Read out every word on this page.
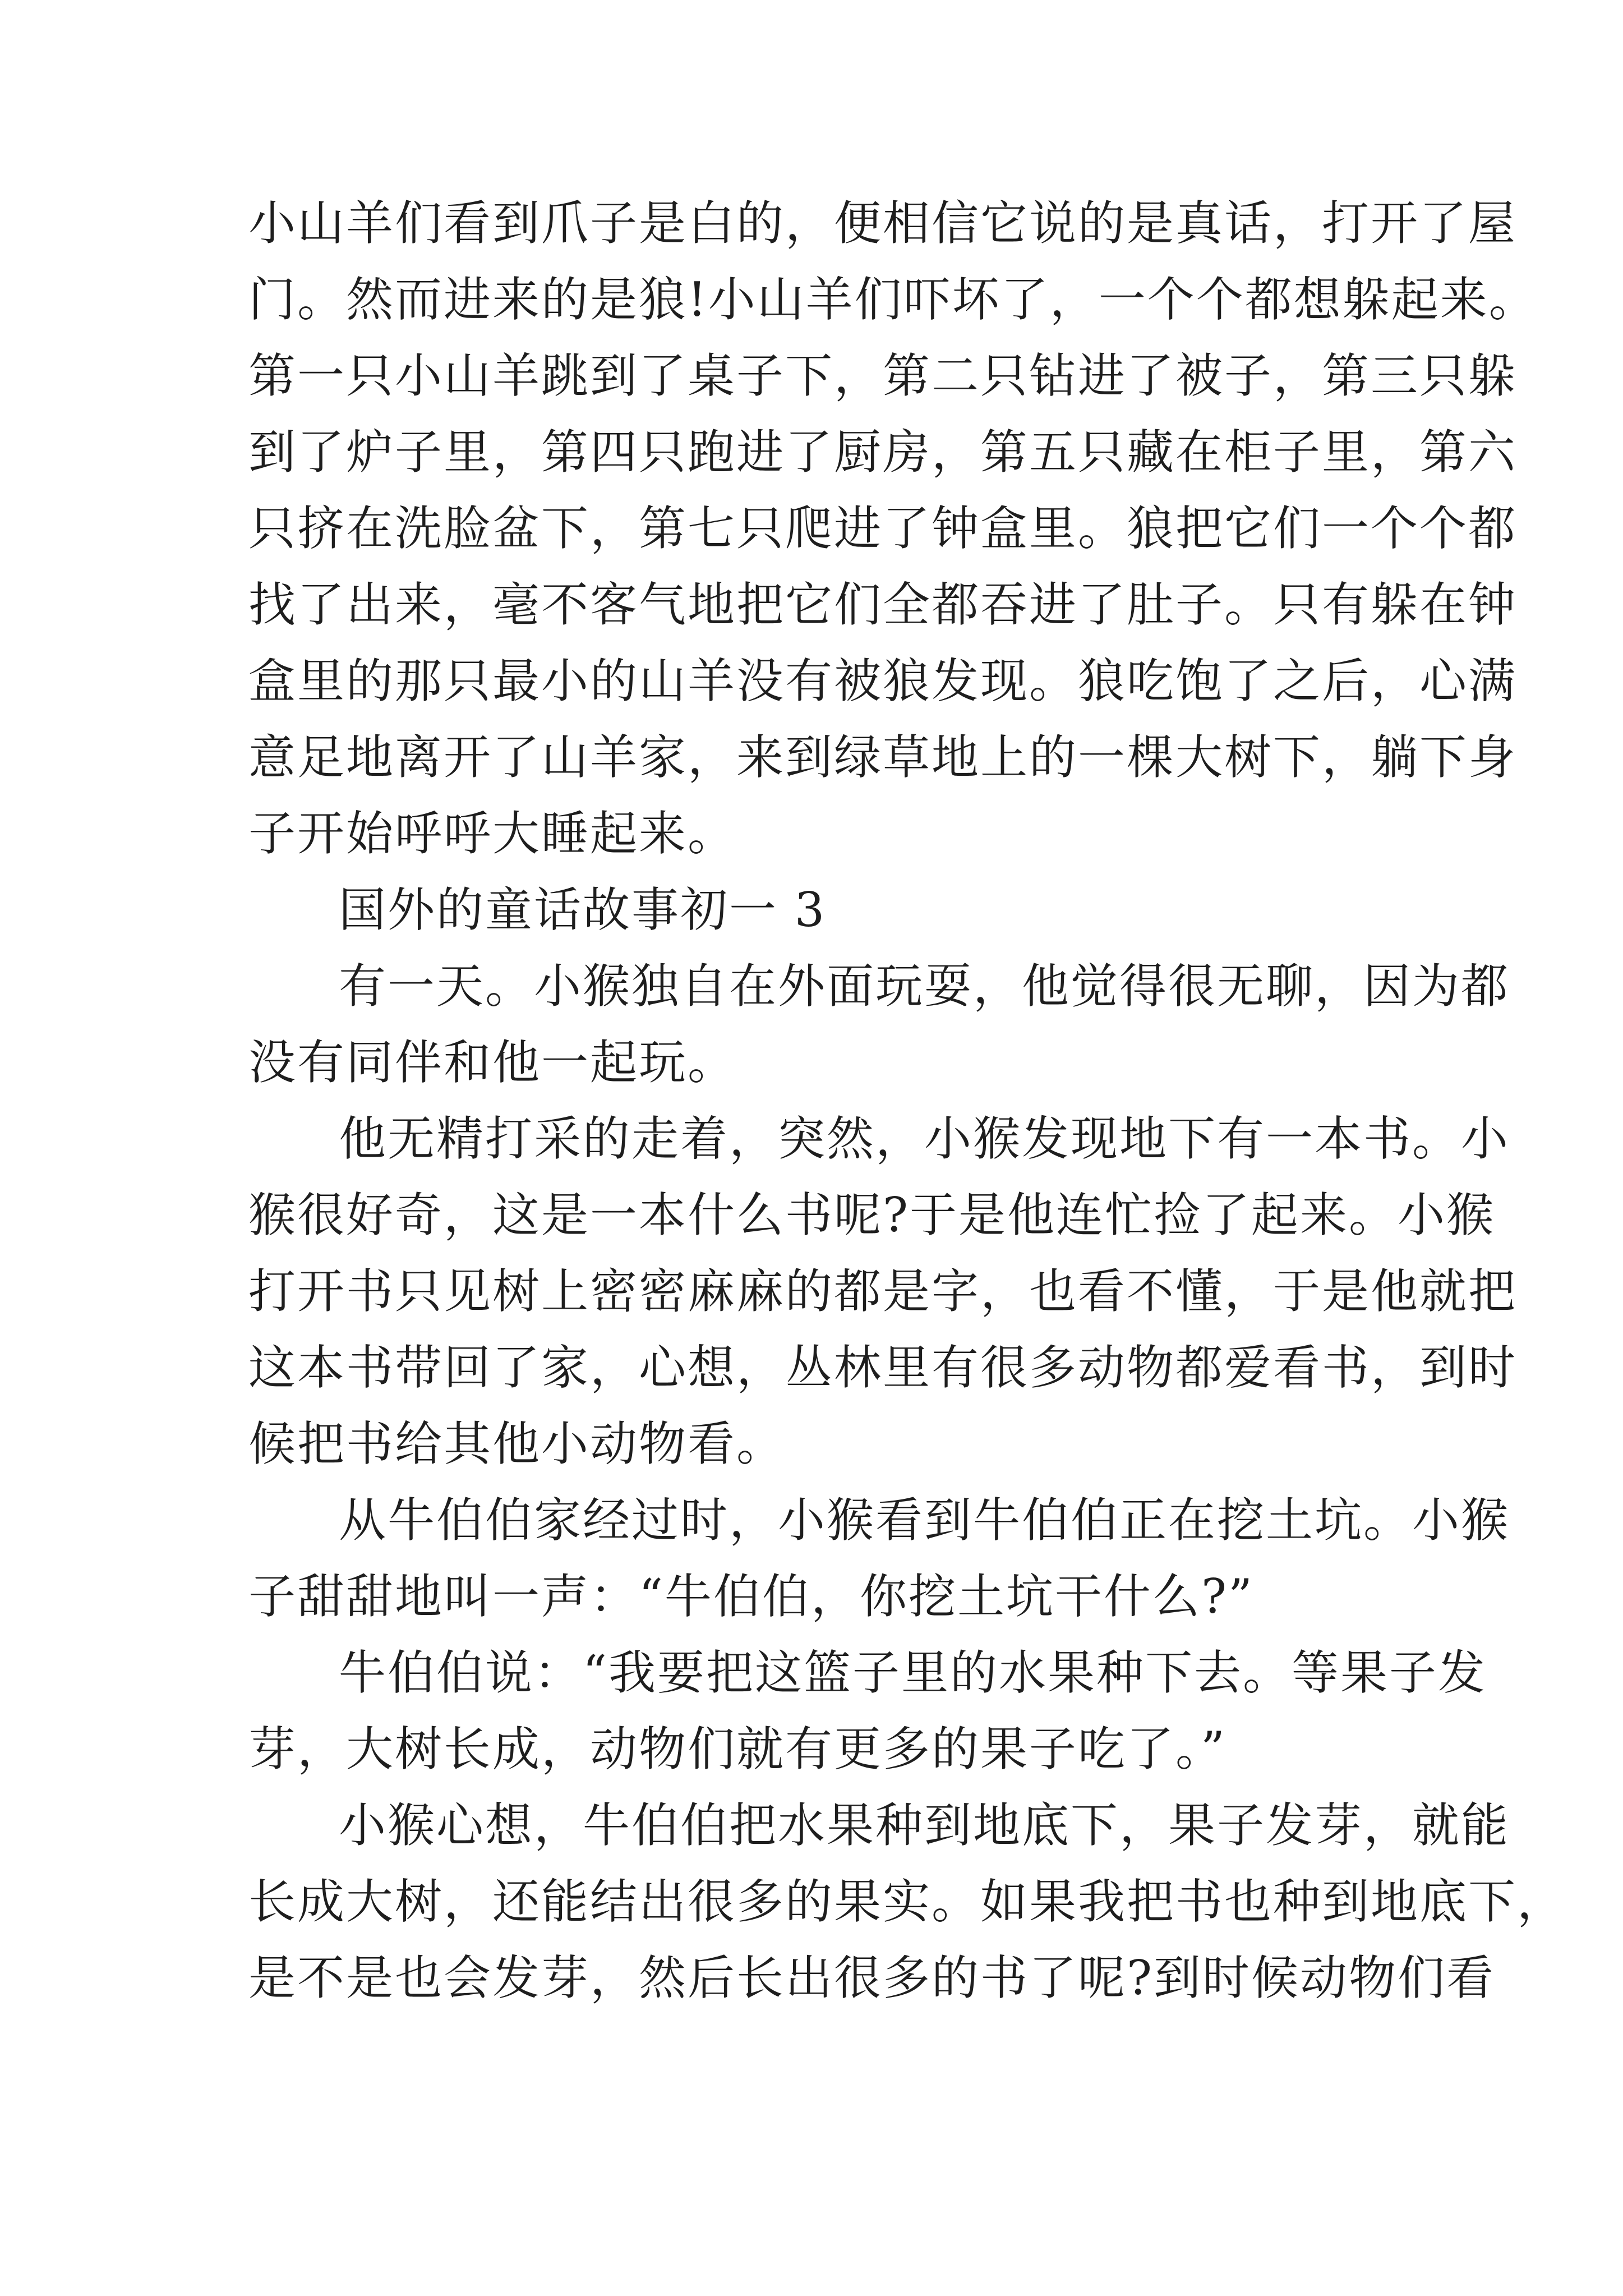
小山羊们看到爪子是白的，便相信它说的是真话，打开了屋
门。然而进来的是狼!小山羊们吓坏了，一个个都想躲起来。
第一只小山羊跳到了桌子下，第二只钻进了被子，第三只躲
到了炉子里，第四只跑进了厨房，第五只藏在柜子里，第六
只挤在洗脸盆下，第七只爬进了钟盒里。狼把它们一个个都
找了出来，毫不客气地把它们全都吞进了肚子。只有躲在钟
盒里的那只最小的山羊没有被狼发现。狼吃饱了之后，心满
意足地离开了山羊家，来到绿草地上的一棵大树下，躺下身
子开始呼呼大睡起来。
国外的童话故事初一 3
有一天。小猴独自在外面玩耍，他觉得很无聊，因为都
没有同伴和他一起玩。
他无精打采的走着，突然，小猴发现地下有一本书。小
猴很好奇，这是一本什么书呢?于是他连忙捡了起来。小猴
打开书只见树上密密麻麻的都是字，也看不懂，于是他就把
这本书带回了家，心想，丛林里有很多动物都爱看书，到时
候把书给其他小动物看。
从牛伯伯家经过时，小猴看到牛伯伯正在挖土坑。小猴
子甜甜地叫一声：“牛伯伯，你挖土坑干什么?”
牛伯伯说：“我要把这篮子里的水果种下去。等果子发
芽，大树长成，动物们就有更多的果子吃了。”
小猴心想，牛伯伯把水果种到地底下，果子发芽，就能
长成大树，还能结出很多的果实。如果我把书也种到地底下，
是不是也会发芽，然后长出很多的书了呢?到时候动物们看
